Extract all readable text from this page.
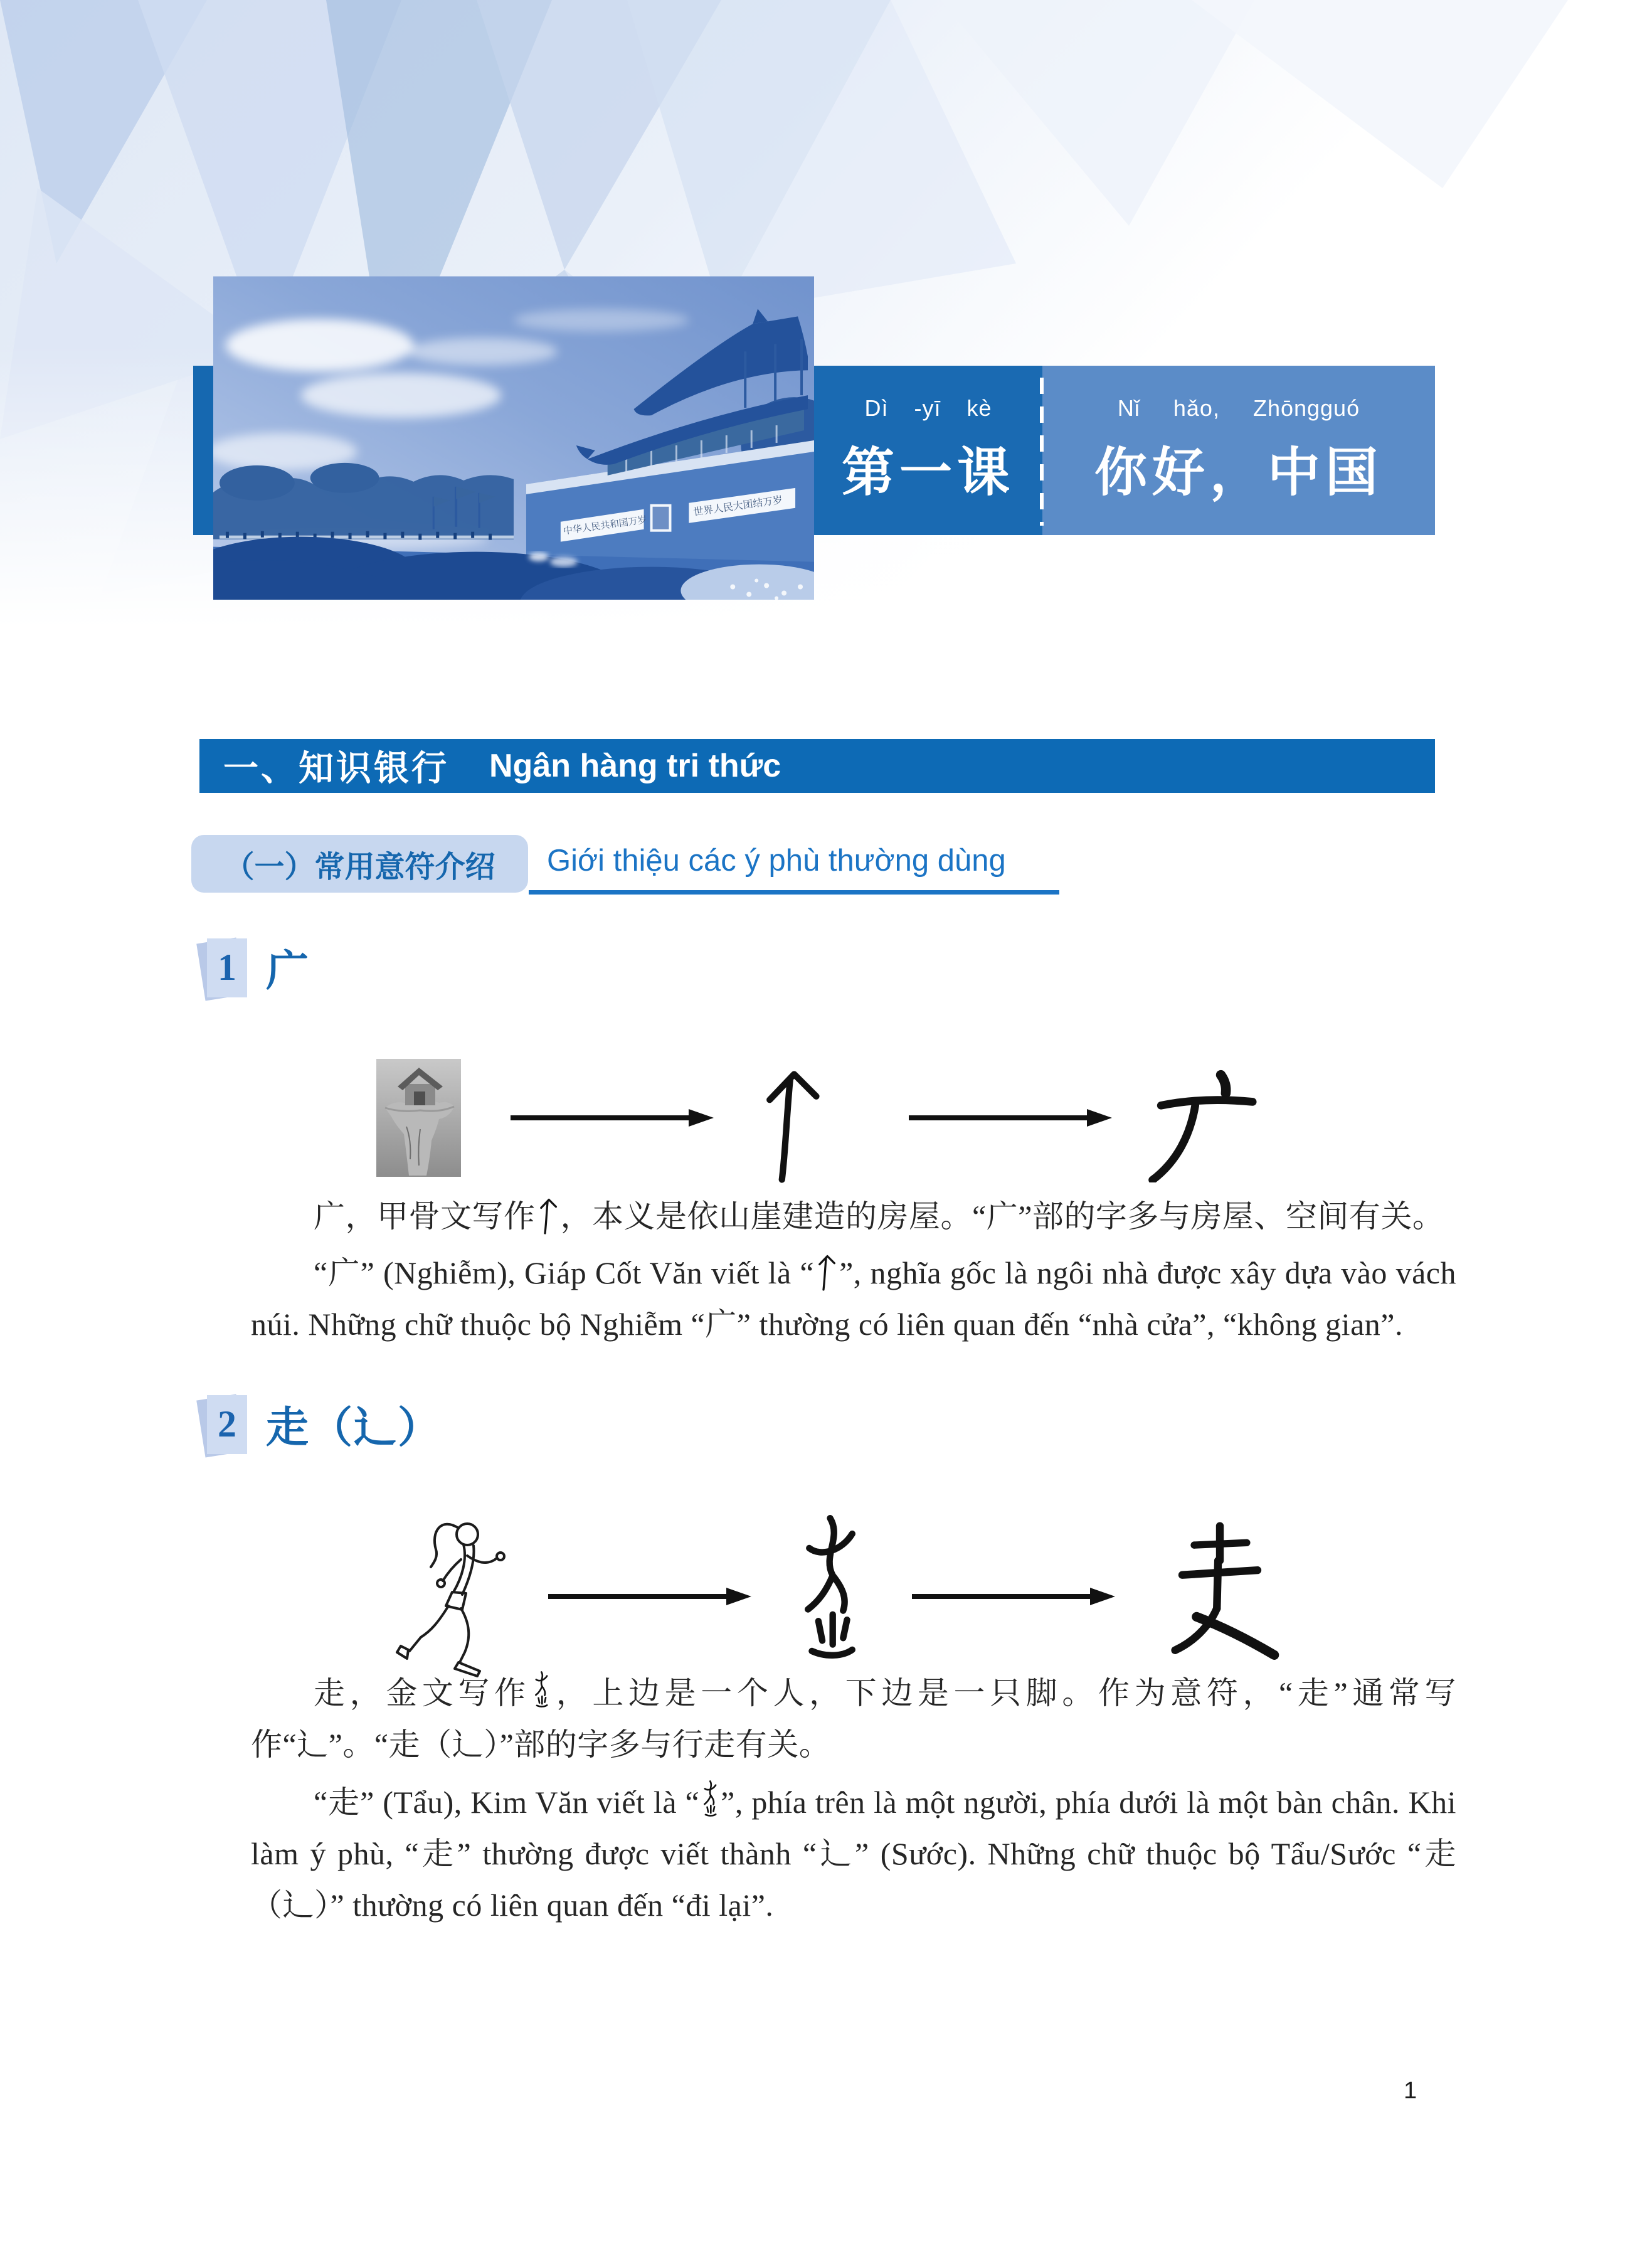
中华人民共和国万岁
世界人民大团结万岁
Dì -yī kè
第一课
Nǐ hǎo, Zhōngguó
你好，中国
一、知识银行 Ngân hàng tri thức
（一）常用意符介绍 Giới thiệu các ý phù thường dùng
1 广

广，甲骨文写作 ，本义是依山崖建造的房屋。“广”部的字多与房屋、空间有关。

“广” (Nghiễm), Giáp Cốt Văn viết là “ ”, nghĩa gốc là ngôi nhà được xây dựa vào vách núi. Những chữ thuộc bộ Nghiễm “广” thường có liên quan đến “nhà cửa”, “không gian”.

2 走（辶）

走，金文写作 ，上边是一个人，下边是一只脚。作为意符，“走”通常写作“辶”。“走（辶）”部的字多与行走有关。

“走” (Tẩu), Kim Văn viết là “ ”, phía trên là một người, phía dưới là một bàn chân. Khi làm ý phù, “走” thường được viết thành “辶” (Sước). Những chữ thuộc bộ Tẩu/Sước “走（辶）” thường có liên quan đến “đi lại”.

1
